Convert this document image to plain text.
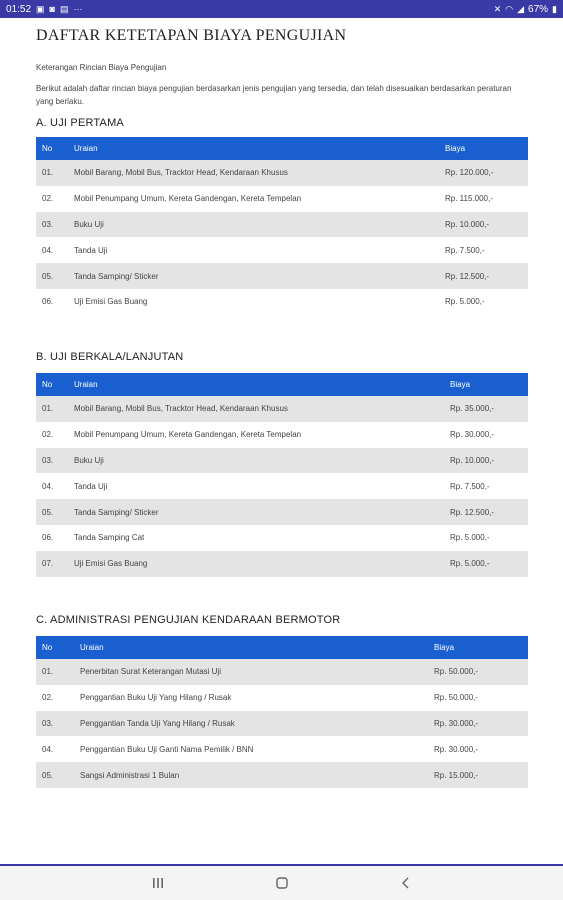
01:52 ▣ ◙ ▤ ···	✕ ◠ ◢ 67% ▮
DAFTAR KETETAPAN BIAYA PENGUJIAN
Keterangan Rincian Biaya Pengujian
Berikut adalah daftar rincian biaya pengujian berdasarkan jenis pengujian yang tersedia, dan telah disesuaikan berdasarkan peraturan yang berlaku.
A. UJI PERTAMA
No	Uraian	Biaya
01.	Mobil Barang, Mobil Bus, Tracktor Head, Kendaraan Khusus	Rp. 120.000,-
02.	Mobil Penumpang Umum, Kereta Gandengan, Kereta Tempelan	Rp. 115.000,-
03.	Buku Uji	Rp. 10.000,-
04.	Tanda Uji	Rp. 7.500,-
05.	Tanda Samping/ Sticker	Rp. 12.500,-
06.	Uji Emisi Gas Buang	Rp. 5.000,-
B. UJI BERKALA/LANJUTAN
No	Uraian	Biaya
01.	Mobil Barang, Mobil Bus, Tracktor Head, Kendaraan Khusus	Rp. 35.000,-
02.	Mobil Penumpang Umum, Kereta Gandengan, Kereta Tempelan	Rp. 30.000,-
03.	Buku Uji	Rp. 10.000,-
04.	Tanda Uji	Rp. 7.500,-
05.	Tanda Samping/ Sticker	Rp. 12.500,-
06.	Tanda Samping Cat	Rp. 5.000,-
07.	Uji Emisi Gas Buang	Rp. 5.000,-
C. ADMINISTRASI PENGUJIAN KENDARAAN BERMOTOR
No	Uraian	Biaya
01.	Penerbitan Surat Keterangan Mutasi Uji	Rp. 50.000,-
02.	Penggantian Buku Uji Yang Hilang / Rusak	Rp. 50.000,-
03.	Penggantian Tanda Uji Yang Hilang / Rusak	Rp. 30.000,-
04.	Penggantian Buku Uji Ganti Nama Pemilik / BNN	Rp. 30.000,-
05.	Sangsi Administrasi 1 Bulan	Rp. 15.000,-
